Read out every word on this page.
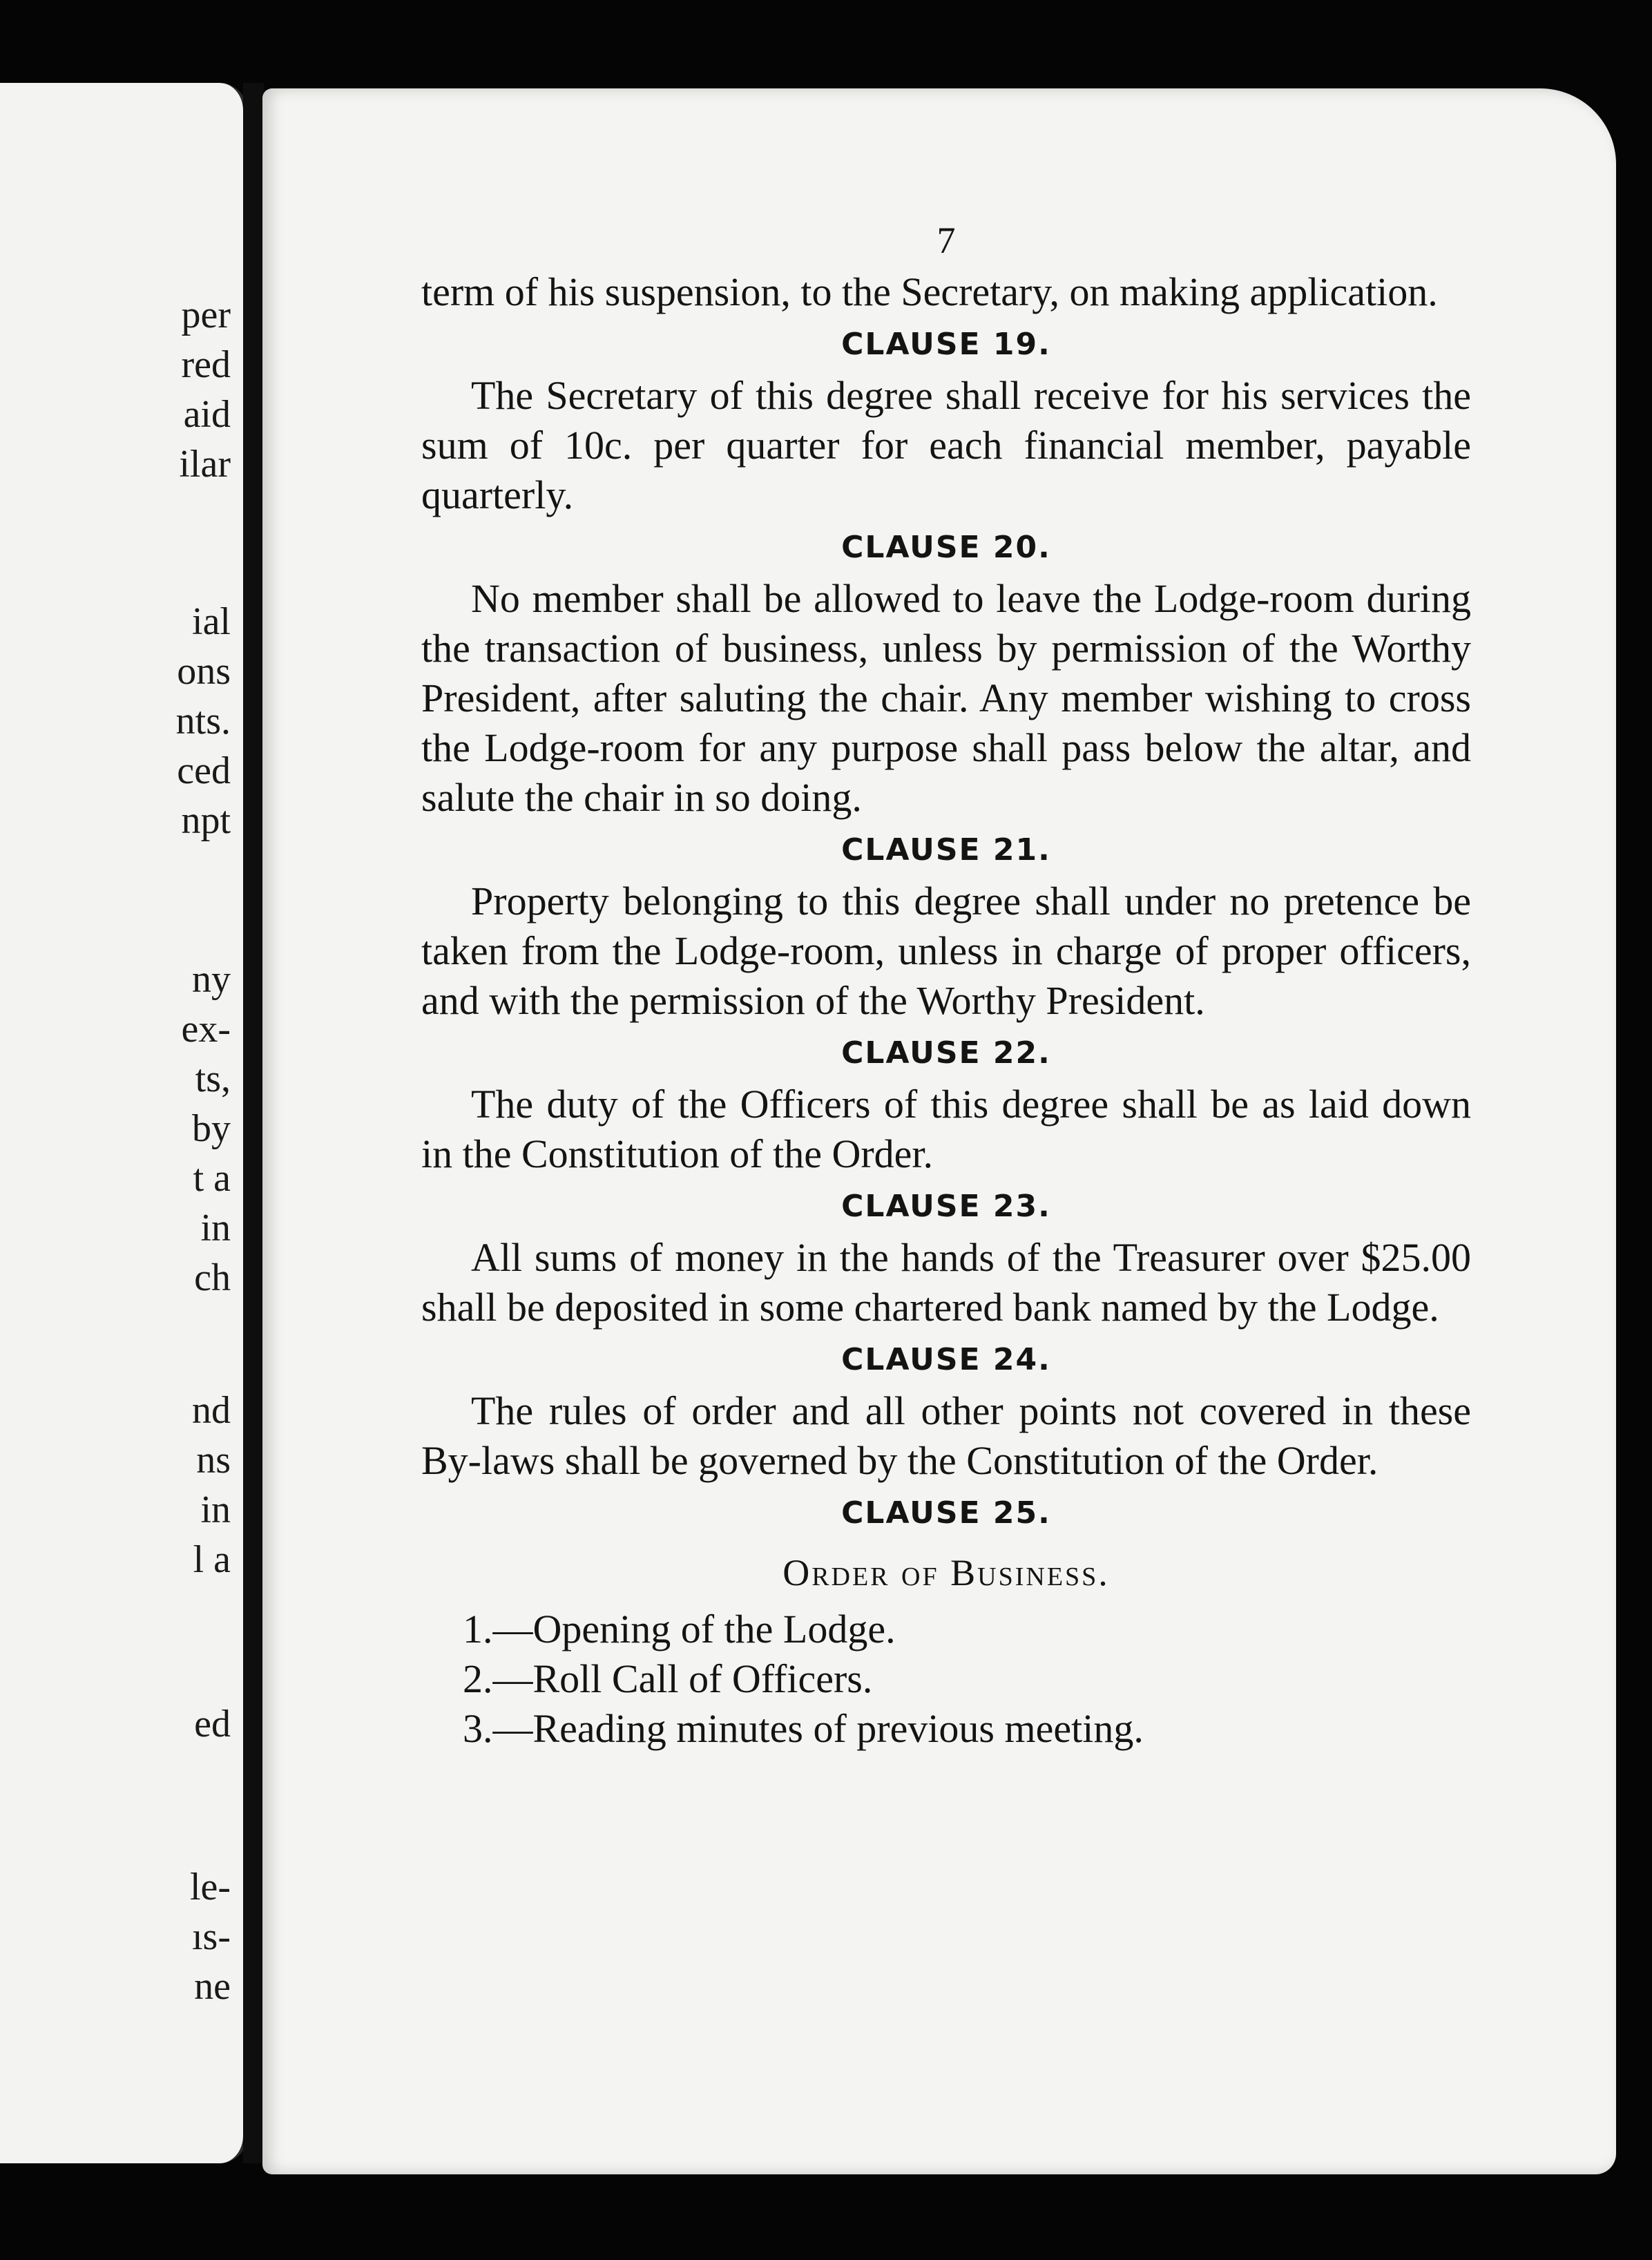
per
red
aid
ilar
ial
ons
nts.
ced
npt
ny
ex-
ts,
by
t a
in
ch
nd
ns
in
l a
ed
le-
ıs-
ne

7

term of his suspension, to the Secretary, on making application.

CLAUSE 19.

The Secretary of this degree shall receive for his services the sum of 10c. per quarter for each financial member, payable quarterly.

CLAUSE 20.

No member shall be allowed to leave the Lodge-room during the transaction of business, unless by permission of the Worthy President, after saluting the chair. Any member wishing to cross the Lodge-room for any purpose shall pass below the altar, and salute the chair in so doing.

CLAUSE 21.

Property belonging to this degree shall under no pretence be taken from the Lodge-room, unless in charge of proper officers, and with the permission of the Worthy President.

CLAUSE 22.

The duty of the Officers of this degree shall be as laid down in the Constitution of the Order.

CLAUSE 23.

All sums of money in the hands of the Treasurer over $25.00 shall be deposited in some chartered bank named by the Lodge.

CLAUSE 24.

The rules of order and all other points not covered in these By-laws shall be governed by the Constitution of the Order.

CLAUSE 25.

Order of Business.

1.—Opening of the Lodge.
2.—Roll Call of Officers.
3.—Reading minutes of previous meeting.
